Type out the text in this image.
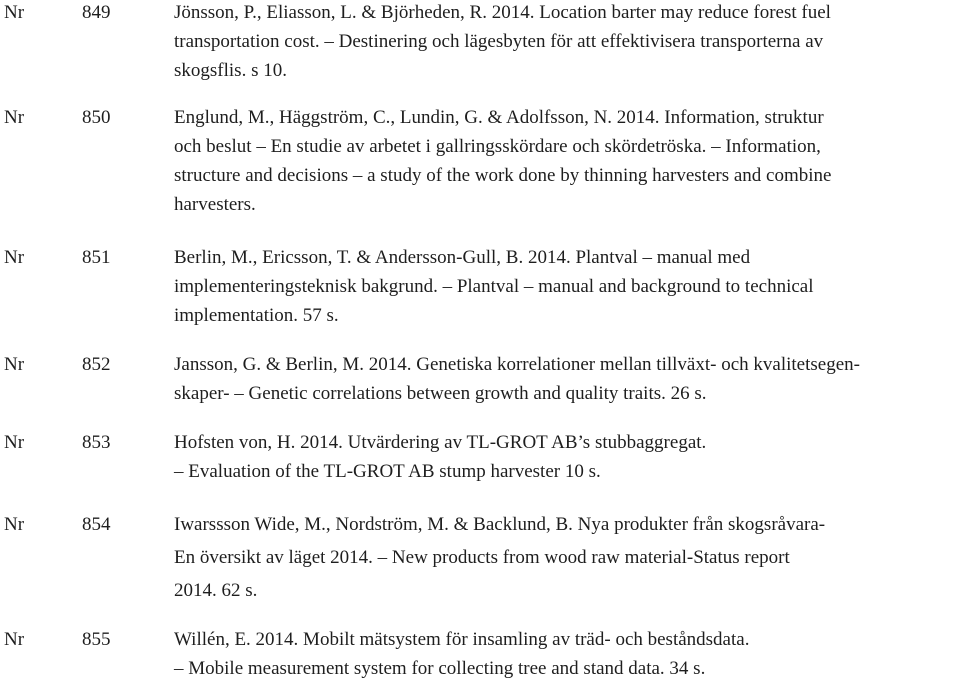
Nr	849	Jönsson, P., Eliasson, L. & Björheden, R. 2014. Location barter may reduce forest fuel
transportation cost. – Destinering och lägesbyten för att effektivisera transporterna av
skogsflis. s 10.

Nr	850	Englund, M., Häggström, C., Lundin, G. & Adolfsson, N. 2014. Information, struktur
och beslut – En studie av arbetet i gallringsskördare och skördetröska. – Information,
structure and decisions – a study of the work done by thinning harvesters and combine
harvesters.

Nr	851	Berlin, M., Ericsson, T. & Andersson-Gull, B. 2014. Plantval – manual med
implementeringsteknisk bakgrund. – Plantval – manual and background to technical
implementation. 57 s.

Nr	852	Jansson, G. & Berlin, M. 2014. Genetiska korrelationer mellan tillväxt- och kvalitetsegen-
skaper- – Genetic correlations between growth and quality traits. 26 s.

Nr	853	Hofsten von, H. 2014. Utvärdering av TL-GROT AB’s stubbaggregat.
– Evaluation of the TL-GROT AB stump harvester 10 s.

Nr	854	Iwarssson Wide, M., Nordström, M. & Backlund, B. Nya produkter från skogsråvara-
En översikt av läget 2014. – New products from wood raw material-Status report
2014. 62 s.

Nr	855	Willén, E. 2014. Mobilt mätsystem för insamling av träd- och beståndsdata.
– Mobile measurement system for collecting tree and stand data. 34 s.
